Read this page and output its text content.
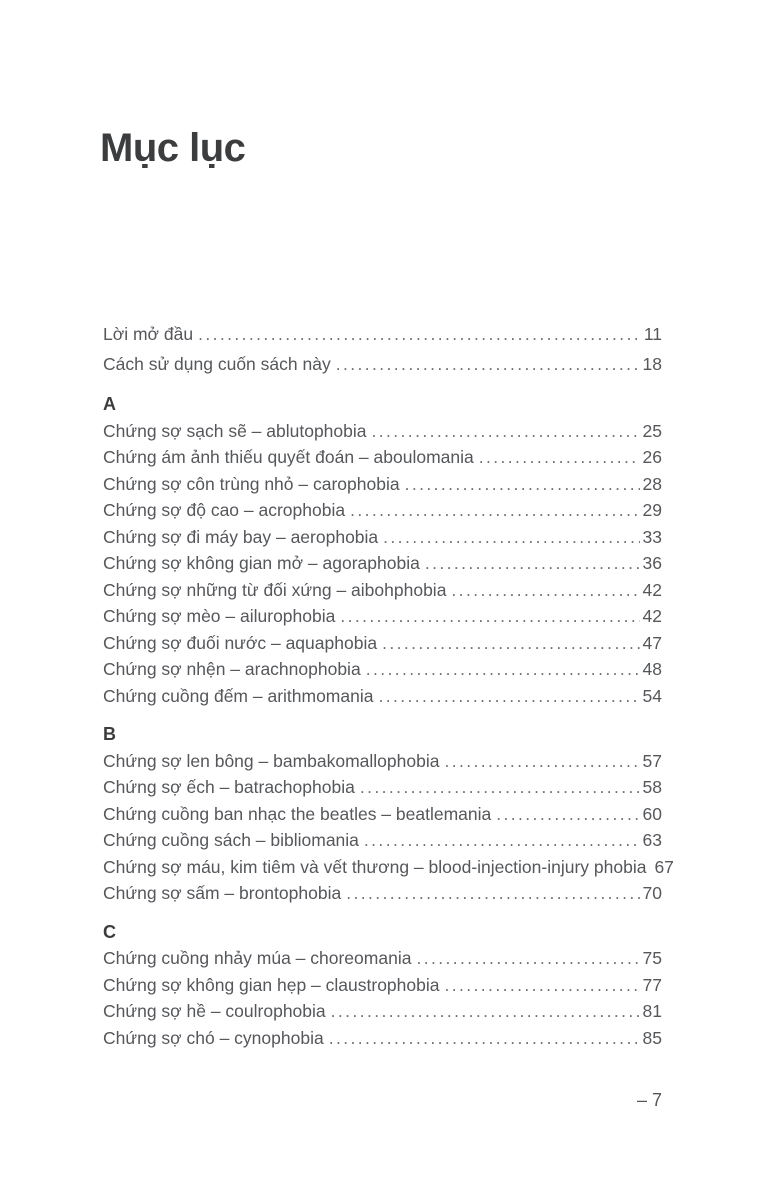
Mục lục
Lời mở đầu .....	11
Cách sử dụng cuốn sách này .....	18
A
Chứng sợ sạch sẽ – ablutophobia .....	25
Chứng ám ảnh thiếu quyết đoán – aboulomania .....	26
Chứng sợ côn trùng nhỏ – carophobia .....	28
Chứng sợ độ cao – acrophobia .....	29
Chứng sợ đi máy bay – aerophobia .....	33
Chứng sợ không gian mở – agoraphobia .....	36
Chứng sợ những từ đối xứng – aibohphobia .....	42
Chứng sợ mèo – ailurophobia .....	42
Chứng sợ đuối nước – aquaphobia .....	47
Chứng sợ nhện – arachnophobia .....	48
Chứng cuồng đếm – arithmomania .....	54
B
Chứng sợ len bông – bambakomallophobia .....	57
Chứng sợ ếch – batrachophobia .....	58
Chứng cuồng ban nhạc the beatles – beatlemania .....	60
Chứng cuồng sách – bibliomania .....	63
Chứng sợ máu, kim tiêm và vết thương – blood-injection-injury phobia 67
Chứng sợ sấm – brontophobia .....	70
C
Chứng cuồng nhảy múa – choreomania .....	75
Chứng sợ không gian hẹp – claustrophobia .....	77
Chứng sợ hề – coulrophobia .....	81
Chứng sợ chó – cynophobia .....	85
– 7
